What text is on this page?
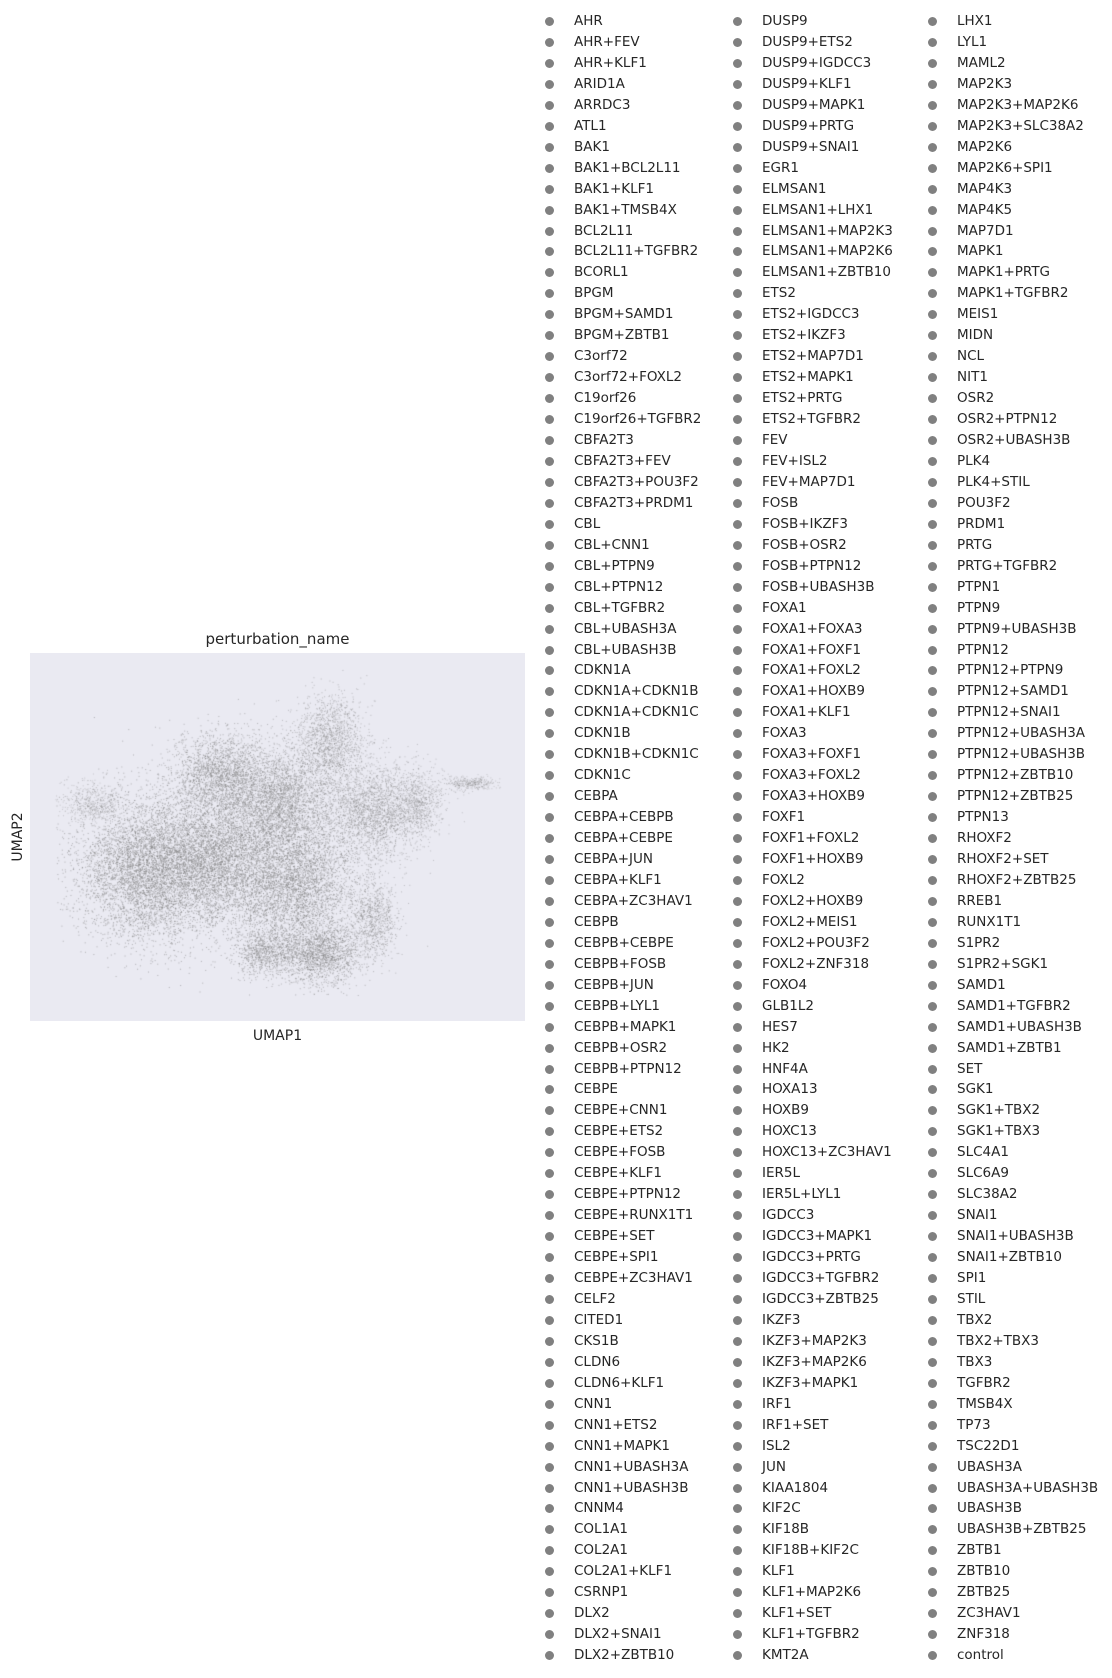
perturbation_name
UMAP1
UMAP2
AHR
AHR+FEV
AHR+KLF1
ARID1A
ARRDC3
ATL1
BAK1
BAK1+BCL2L11
BAK1+KLF1
BAK1+TMSB4X
BCL2L11
BCL2L11+TGFBR2
BCORL1
BPGM
BPGM+SAMD1
BPGM+ZBTB1
C3orf72
C3orf72+FOXL2
C19orf26
C19orf26+TGFBR2
CBFA2T3
CBFA2T3+FEV
CBFA2T3+POU3F2
CBFA2T3+PRDM1
CBL
CBL+CNN1
CBL+PTPN9
CBL+PTPN12
CBL+TGFBR2
CBL+UBASH3A
CBL+UBASH3B
CDKN1A
CDKN1A+CDKN1B
CDKN1A+CDKN1C
CDKN1B
CDKN1B+CDKN1C
CDKN1C
CEBPA
CEBPA+CEBPB
CEBPA+CEBPE
CEBPA+JUN
CEBPA+KLF1
CEBPA+ZC3HAV1
CEBPB
CEBPB+CEBPE
CEBPB+FOSB
CEBPB+JUN
CEBPB+LYL1
CEBPB+MAPK1
CEBPB+OSR2
CEBPB+PTPN12
CEBPE
CEBPE+CNN1
CEBPE+ETS2
CEBPE+FOSB
CEBPE+KLF1
CEBPE+PTPN12
CEBPE+RUNX1T1
CEBPE+SET
CEBPE+SPI1
CEBPE+ZC3HAV1
CELF2
CITED1
CKS1B
CLDN6
CLDN6+KLF1
CNN1
CNN1+ETS2
CNN1+MAPK1
CNN1+UBASH3A
CNN1+UBASH3B
CNNM4
COL1A1
COL2A1
COL2A1+KLF1
CSRNP1
DLX2
DLX2+SNAI1
DLX2+ZBTB10
DUSP9
DUSP9+ETS2
DUSP9+IGDCC3
DUSP9+KLF1
DUSP9+MAPK1
DUSP9+PRTG
DUSP9+SNAI1
EGR1
ELMSAN1
ELMSAN1+LHX1
ELMSAN1+MAP2K3
ELMSAN1+MAP2K6
ELMSAN1+ZBTB10
ETS2
ETS2+IGDCC3
ETS2+IKZF3
ETS2+MAP7D1
ETS2+MAPK1
ETS2+PRTG
ETS2+TGFBR2
FEV
FEV+ISL2
FEV+MAP7D1
FOSB
FOSB+IKZF3
FOSB+OSR2
FOSB+PTPN12
FOSB+UBASH3B
FOXA1
FOXA1+FOXA3
FOXA1+FOXF1
FOXA1+FOXL2
FOXA1+HOXB9
FOXA1+KLF1
FOXA3
FOXA3+FOXF1
FOXA3+FOXL2
FOXA3+HOXB9
FOXF1
FOXF1+FOXL2
FOXF1+HOXB9
FOXL2
FOXL2+HOXB9
FOXL2+MEIS1
FOXL2+POU3F2
FOXL2+ZNF318
FOXO4
GLB1L2
HES7
HK2
HNF4A
HOXA13
HOXB9
HOXC13
HOXC13+ZC3HAV1
IER5L
IER5L+LYL1
IGDCC3
IGDCC3+MAPK1
IGDCC3+PRTG
IGDCC3+TGFBR2
IGDCC3+ZBTB25
IKZF3
IKZF3+MAP2K3
IKZF3+MAP2K6
IKZF3+MAPK1
IRF1
IRF1+SET
ISL2
JUN
KIAA1804
KIF2C
KIF18B
KIF18B+KIF2C
KLF1
KLF1+MAP2K6
KLF1+SET
KLF1+TGFBR2
KMT2A
LHX1
LYL1
MAML2
MAP2K3
MAP2K3+MAP2K6
MAP2K3+SLC38A2
MAP2K6
MAP2K6+SPI1
MAP4K3
MAP4K5
MAP7D1
MAPK1
MAPK1+PRTG
MAPK1+TGFBR2
MEIS1
MIDN
NCL
NIT1
OSR2
OSR2+PTPN12
OSR2+UBASH3B
PLK4
PLK4+STIL
POU3F2
PRDM1
PRTG
PRTG+TGFBR2
PTPN1
PTPN9
PTPN9+UBASH3B
PTPN12
PTPN12+PTPN9
PTPN12+SAMD1
PTPN12+SNAI1
PTPN12+UBASH3A
PTPN12+UBASH3B
PTPN12+ZBTB10
PTPN12+ZBTB25
PTPN13
RHOXF2
RHOXF2+SET
RHOXF2+ZBTB25
RREB1
RUNX1T1
S1PR2
S1PR2+SGK1
SAMD1
SAMD1+TGFBR2
SAMD1+UBASH3B
SAMD1+ZBTB1
SET
SGK1
SGK1+TBX2
SGK1+TBX3
SLC4A1
SLC6A9
SLC38A2
SNAI1
SNAI1+UBASH3B
SNAI1+ZBTB10
SPI1
STIL
TBX2
TBX2+TBX3
TBX3
TGFBR2
TMSB4X
TP73
TSC22D1
UBASH3A
UBASH3A+UBASH3B
UBASH3B
UBASH3B+ZBTB25
ZBTB1
ZBTB10
ZBTB25
ZC3HAV1
ZNF318
control
